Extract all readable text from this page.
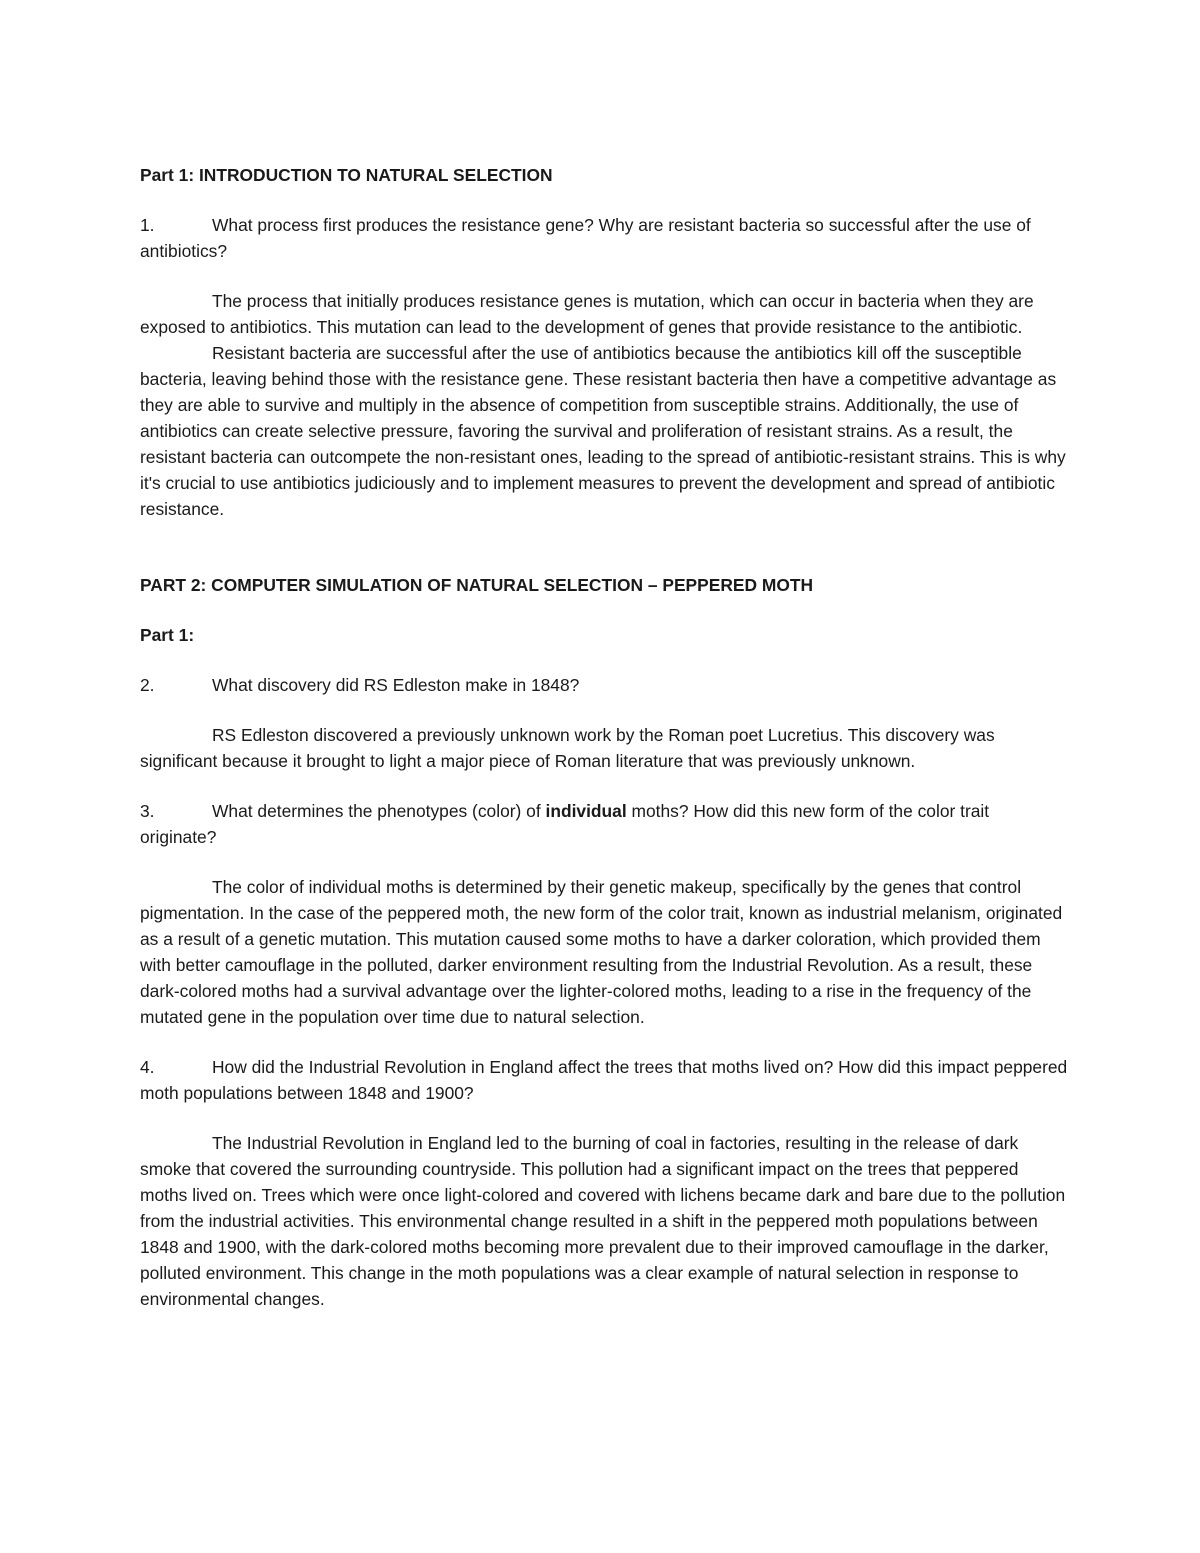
Part 1: INTRODUCTION TO NATURAL SELECTION

1.	What process first produces the resistance gene? Why are resistant bacteria so successful after the use of antibiotics?

The process that initially produces resistance genes is mutation, which can occur in bacteria when they are exposed to antibiotics. This mutation can lead to the development of genes that provide resistance to the antibiotic.

Resistant bacteria are successful after the use of antibiotics because the antibiotics kill off the susceptible bacteria, leaving behind those with the resistance gene. These resistant bacteria then have a competitive advantage as they are able to survive and multiply in the absence of competition from susceptible strains. Additionally, the use of antibiotics can create selective pressure, favoring the survival and proliferation of resistant strains. As a result, the resistant bacteria can outcompete the non-resistant ones, leading to the spread of antibiotic-resistant strains. This is why it's crucial to use antibiotics judiciously and to implement measures to prevent the development and spread of antibiotic resistance.

PART 2: COMPUTER SIMULATION OF NATURAL SELECTION – PEPPERED MOTH

Part 1:

2.	What discovery did RS Edleston make in 1848?

RS Edleston discovered a previously unknown work by the Roman poet Lucretius. This discovery was significant because it brought to light a major piece of Roman literature that was previously unknown.

3.	What determines the phenotypes (color) of individual moths? How did this new form of the color trait originate?

The color of individual moths is determined by their genetic makeup, specifically by the genes that control pigmentation. In the case of the peppered moth, the new form of the color trait, known as industrial melanism, originated as a result of a genetic mutation. This mutation caused some moths to have a darker coloration, which provided them with better camouflage in the polluted, darker environment resulting from the Industrial Revolution. As a result, these dark-colored moths had a survival advantage over the lighter-colored moths, leading to a rise in the frequency of the mutated gene in the population over time due to natural selection.

4.	How did the Industrial Revolution in England affect the trees that moths lived on? How did this impact peppered moth populations between 1848 and 1900?

The Industrial Revolution in England led to the burning of coal in factories, resulting in the release of dark smoke that covered the surrounding countryside. This pollution had a significant impact on the trees that peppered moths lived on. Trees which were once light-colored and covered with lichens became dark and bare due to the pollution from the industrial activities. This environmental change resulted in a shift in the peppered moth populations between 1848 and 1900, with the dark-colored moths becoming more prevalent due to their improved camouflage in the darker, polluted environment. This change in the moth populations was a clear example of natural selection in response to environmental changes.
